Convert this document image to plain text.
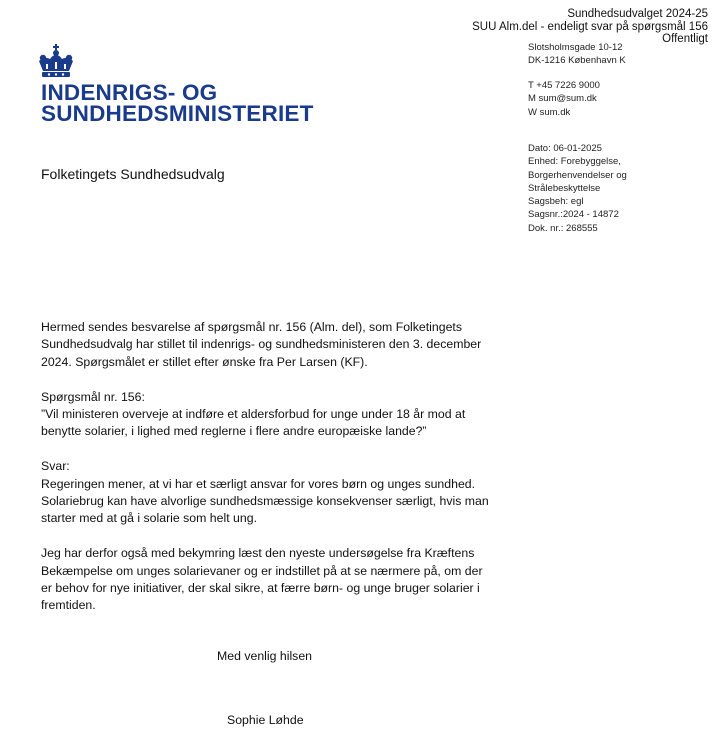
Sundhedsudvalget 2024-25
SUU Alm.del - endeligt svar på spørgsmål 156
Offentligt
INDENRIGS- OG
SUNDHEDSMINISTERIET
Slotsholmsgade 10-12
DK-1216 København K
T +45 7226 9000
M sum@sum.dk
W sum.dk
Dato: 06-01-2025
Enhed: Forebyggelse,
Borgerhenvendelser og
Strålebeskyttelse
Sagsbeh: egl
Sagsnr.:2024 - 14872
Dok. nr.: 268555
Folketingets Sundhedsudvalg

Hermed sendes besvarelse af spørgsmål nr. 156 (Alm. del), som Folketingets Sundhedsudvalg har stillet til indenrigs- og sundhedsministeren den 3. december 2024. Spørgsmålet er stillet efter ønske fra Per Larsen (KF).

Spørgsmål nr. 156:
”Vil ministeren overveje at indføre et aldersforbud for unge under 18 år mod at benytte solarier, i lighed med reglerne i flere andre europæiske lande?”

Svar:
Regeringen mener, at vi har et særligt ansvar for vores børn og unges sundhed. Solariebrug kan have alvorlige sundhedsmæssige konsekvenser særligt, hvis man starter med at gå i solarie som helt ung.

Jeg har derfor også med bekymring læst den nyeste undersøgelse fra Kræftens Bekæmpelse om unges solarievaner og er indstillet på at se nærmere på, om der er behov for nye initiativer, der skal sikre, at færre børn- og unge bruger solarier i fremtiden.

Med venlig hilsen
Sophie Løhde
